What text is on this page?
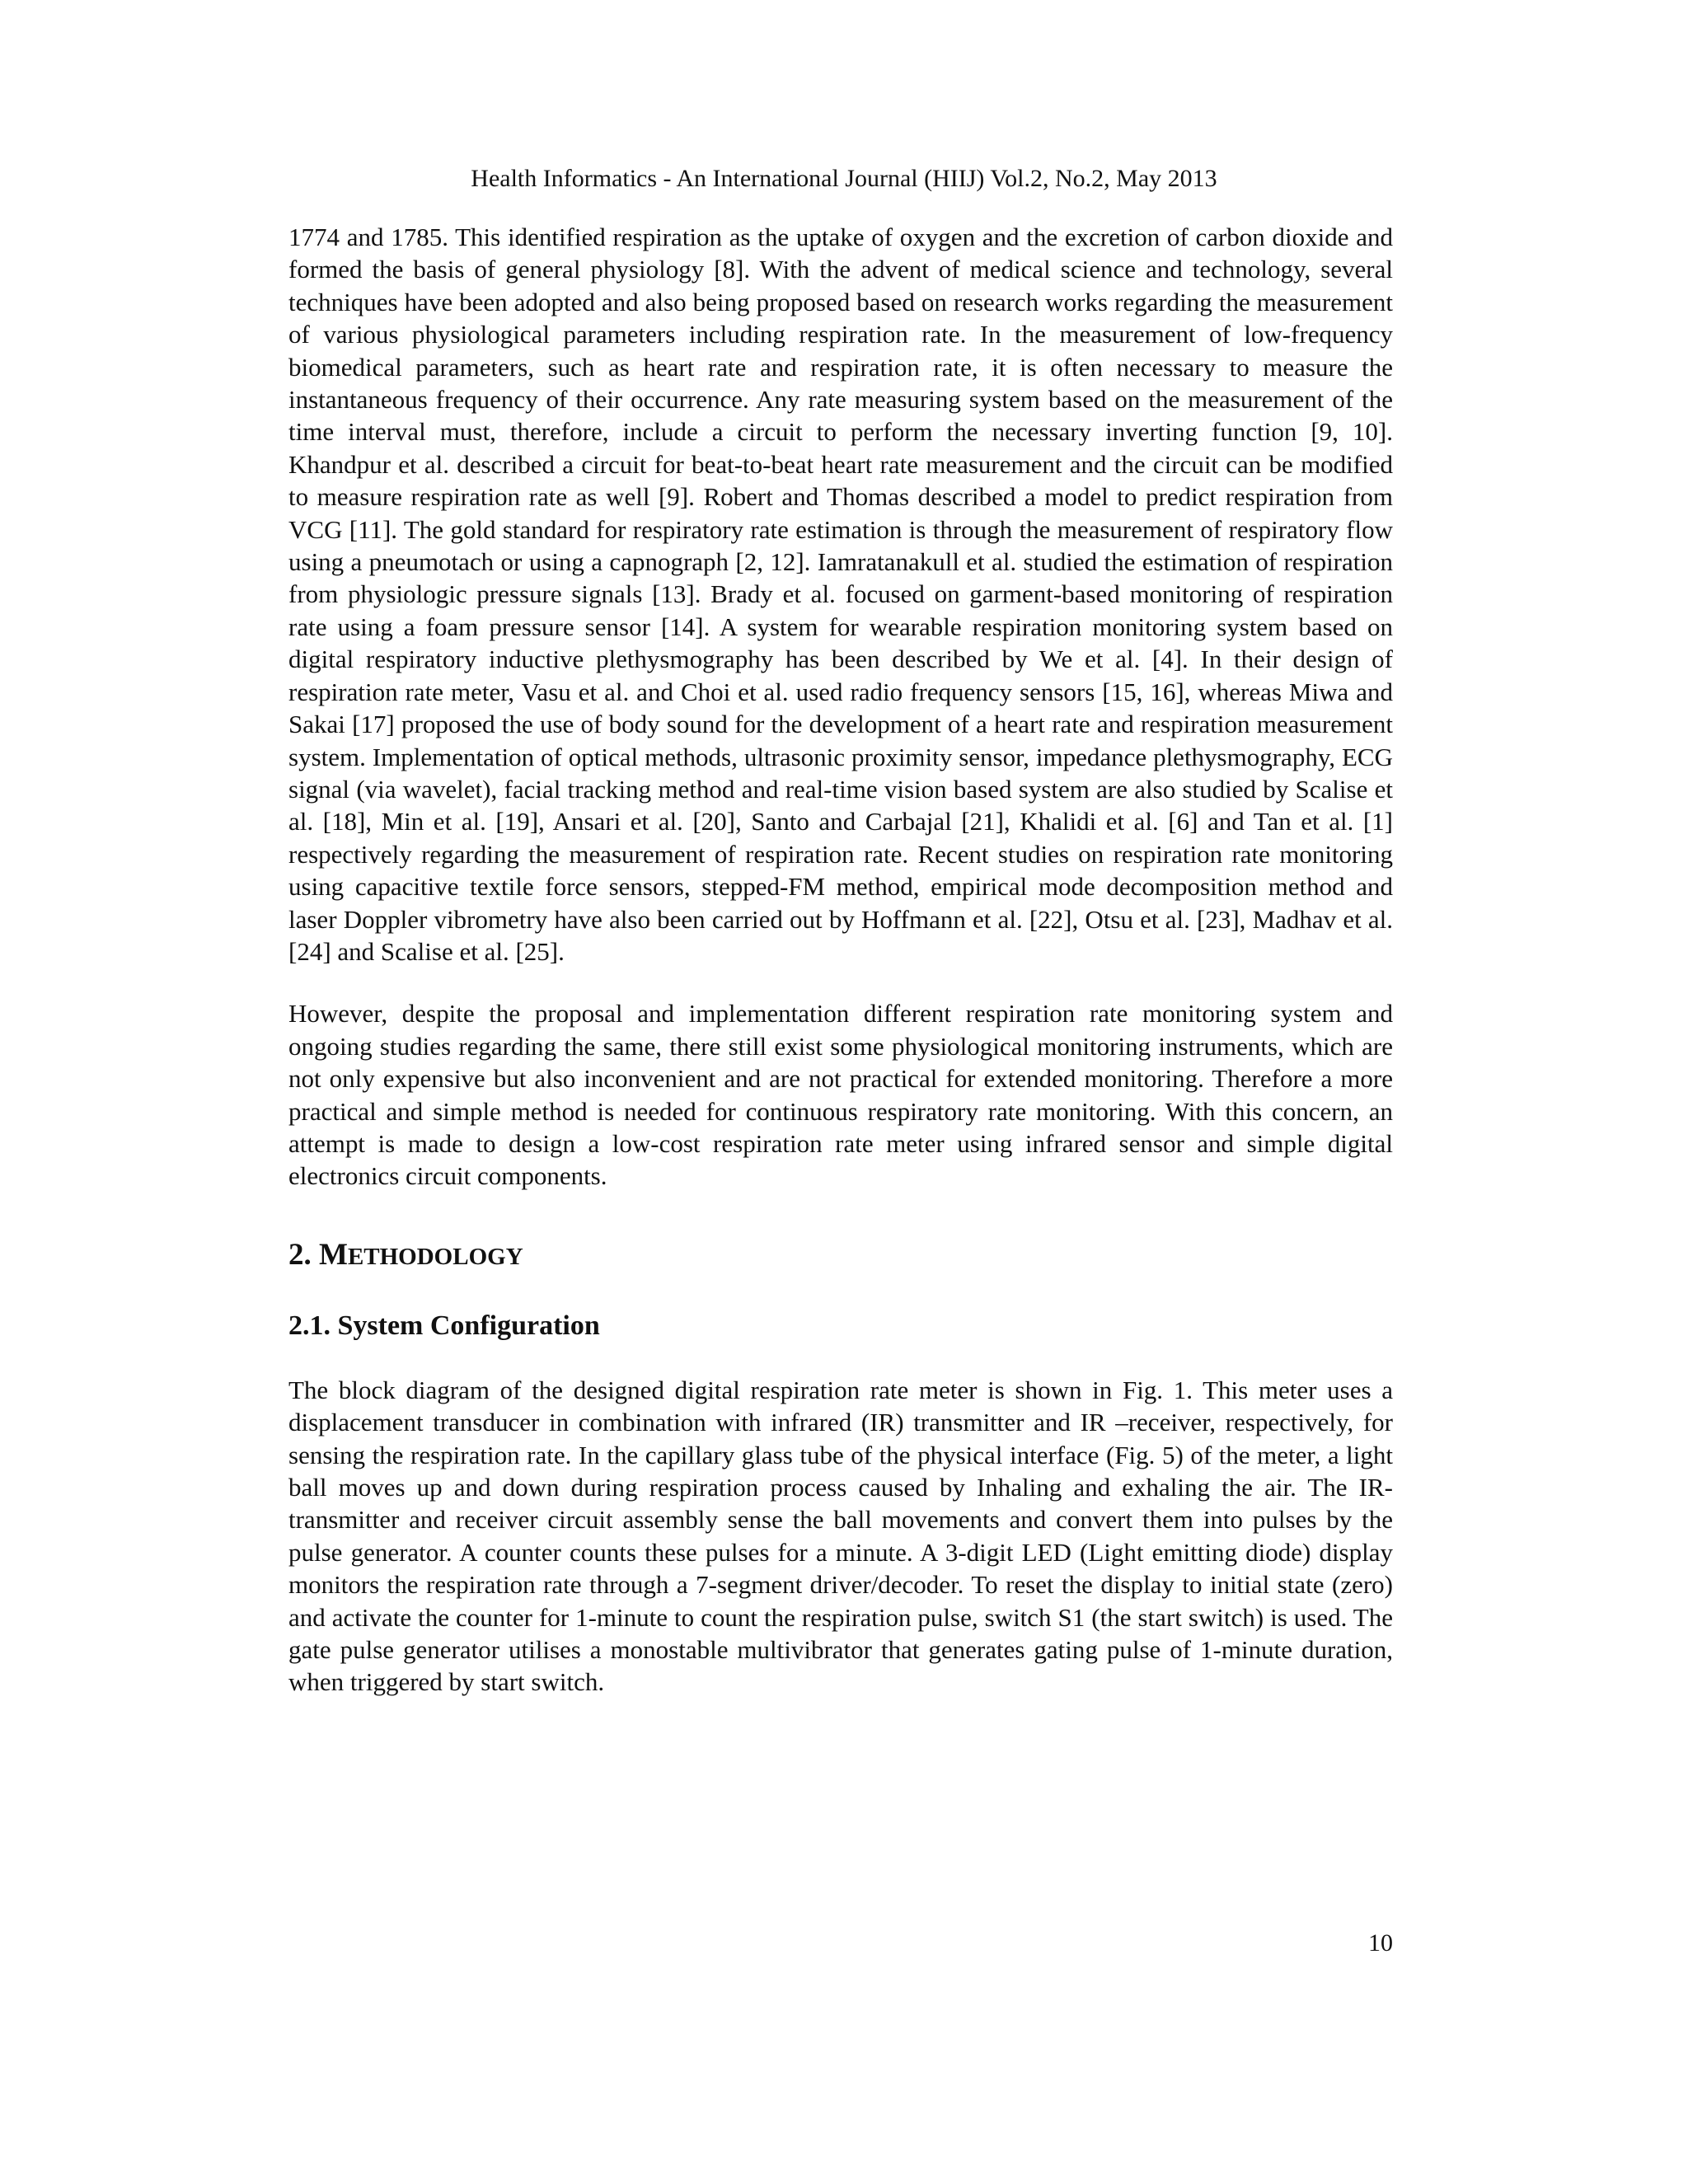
Health Informatics - An International Journal (HIIJ) Vol.2, No.2, May 2013

1774 and 1785. This identified respiration as the uptake of oxygen and the excretion of carbon dioxide and formed the basis of general physiology [8]. With the advent of medical science and technology, several techniques have been adopted and also being proposed based on research works regarding the measurement of various physiological parameters including respiration rate. In the measurement of low-frequency biomedical parameters, such as heart rate and respiration rate, it is often necessary to measure the instantaneous frequency of their occurrence. Any rate measuring system based on the measurement of the time interval must, therefore, include a circuit to perform the necessary inverting function [9, 10]. Khandpur et al. described a circuit for beat-to-beat heart rate measurement and the circuit can be modified to measure respiration rate as well [9]. Robert and Thomas described a model to predict respiration from VCG [11]. The gold standard for respiratory rate estimation is through the measurement of respiratory flow using a pneumotach or using a capnograph [2, 12]. Iamratanakull et al. studied the estimation of respiration from physiologic pressure signals [13]. Brady et al. focused on garment-based monitoring of respiration rate using a foam pressure sensor [14]. A system for wearable respiration monitoring system based on digital respiratory inductive plethysmography has been described by We et al. [4]. In their design of respiration rate meter, Vasu et al. and Choi et al. used radio frequency sensors [15, 16], whereas Miwa and Sakai [17] proposed the use of body sound for the development of a heart rate and respiration measurement system. Implementation of optical methods, ultrasonic proximity sensor, impedance plethysmography, ECG signal (via wavelet), facial tracking method and real-time vision based system are also studied by Scalise et al. [18], Min et al. [19], Ansari et al. [20], Santo and Carbajal [21], Khalidi et al. [6] and Tan et al. [1] respectively regarding the measurement of respiration rate. Recent studies on respiration rate monitoring using capacitive textile force sensors, stepped-FM method, empirical mode decomposition method and laser Doppler vibrometry have also been carried out by Hoffmann et al. [22], Otsu et al. [23], Madhav et al. [24] and Scalise et al. [25].

However, despite the proposal and implementation different respiration rate monitoring system and ongoing studies regarding the same, there still exist some physiological monitoring instruments, which are not only expensive but also inconvenient and are not practical for extended monitoring. Therefore a more practical and simple method is needed for continuous respiratory rate monitoring. With this concern, an attempt is made to design a low-cost respiration rate meter using infrared sensor and simple digital electronics circuit components.

2. METHODOLOGY
2.1. System Configuration

The block diagram of the designed digital respiration rate meter is shown in Fig. 1. This meter uses a displacement transducer in combination with infrared (IR) transmitter and IR –receiver, respectively, for sensing the respiration rate. In the capillary glass tube of the physical interface (Fig. 5) of the meter, a light ball moves up and down during respiration process caused by Inhaling and exhaling the air. The IR-transmitter and receiver circuit assembly sense the ball movements and convert them into pulses by the pulse generator. A counter counts these pulses for a minute. A 3-digit LED (Light emitting diode) display monitors the respiration rate through a 7-segment driver/decoder. To reset the display to initial state (zero) and activate the counter for 1-minute to count the respiration pulse, switch S1 (the start switch) is used. The gate pulse generator utilises a monostable multivibrator that generates gating pulse of 1-minute duration, when triggered by start switch.

10
